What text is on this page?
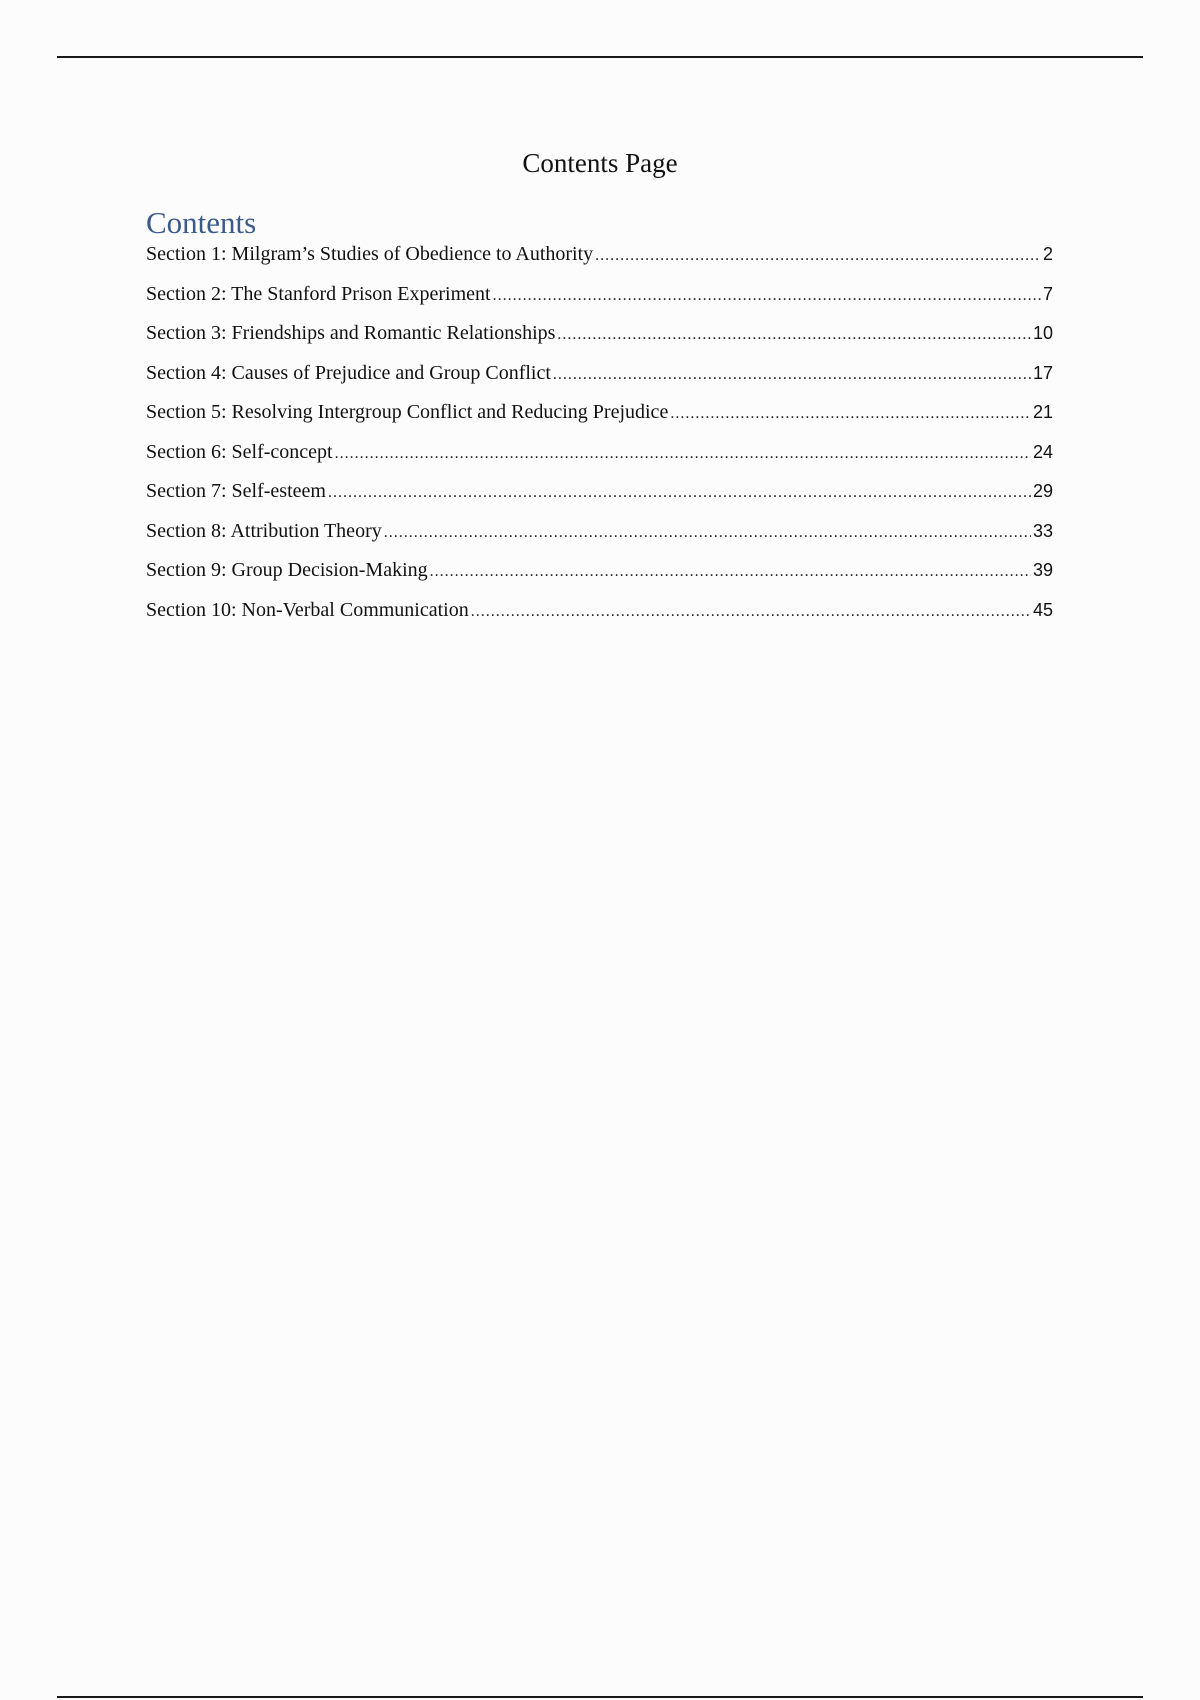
Contents Page
Contents
Section 1: Milgram’s Studies of Obedience to Authority .....	2
Section 2: The Stanford Prison Experiment .....	7
Section 3: Friendships and Romantic Relationships .....	10
Section 4: Causes of Prejudice and Group Conflict .....	17
Section 5: Resolving Intergroup Conflict and Reducing Prejudice .....	21
Section 6: Self-concept .....	24
Section 7: Self-esteem .....	29
Section 8: Attribution Theory .....	33
Section 9: Group Decision-Making .....	39
Section 10: Non-Verbal Communication .....	45
